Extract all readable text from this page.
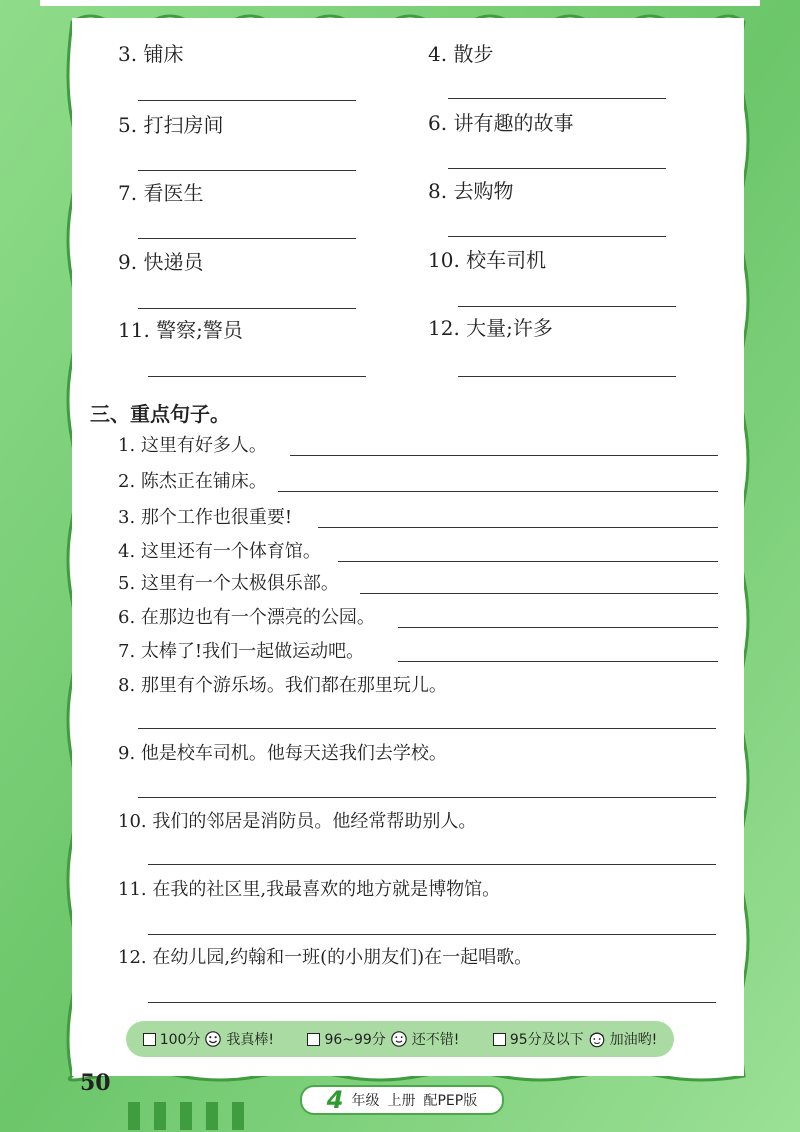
3. 铺床
5. 打扫房间
7. 看医生
9. 快递员
11. 警察;警员
4. 散步
6. 讲有趣的故事
8. 去购物
10. 校车司机
12. 大量;许多
三、重点句子。
1. 这里有好多人。
2. 陈杰正在铺床。
3. 那个工作也很重要!
4. 这里还有一个体育馆。
5. 这里有一个太极俱乐部。
6. 在那边也有一个漂亮的公园。
7. 太棒了!我们一起做运动吧。
8. 那里有个游乐场。我们都在那里玩儿。
9. 他是校车司机。他每天送我们去学校。
10. 我们的邻居是消防员。他经常帮助别人。
11. 在我的社区里,我最喜欢的地方就是博物馆。
12. 在幼儿园,约翰和一班(的小朋友们)在一起唱歌。
100分 我真棒!	96~99分 还不错!	95分及以下 加油哟!
50
4 年级 上册 配PEP版
